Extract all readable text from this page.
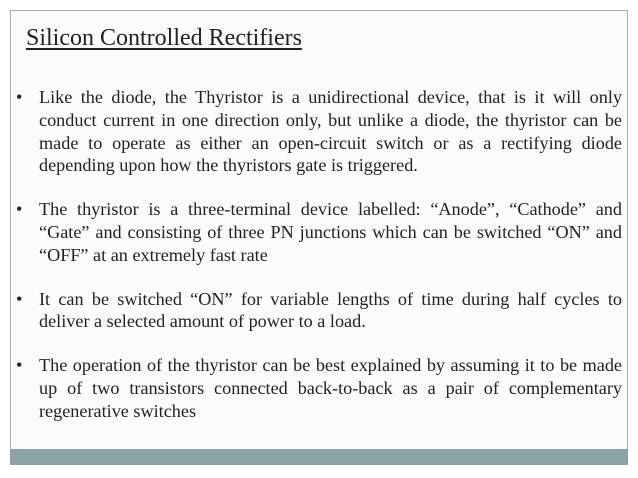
Silicon Controlled Rectifiers
• Like the diode, the Thyristor is a unidirectional device, that is it will only conduct current in one direction only, but unlike a diode, the thyristor can be made to operate as either an open-circuit switch or as a rectifying diode depending upon how the thyristors gate is triggered.
• The thyristor is a three-terminal device labelled: “Anode”, “Cathode” and “Gate” and consisting of three PN junctions which can be switched “ON” and “OFF” at an extremely fast rate
• It can be switched “ON” for variable lengths of time during half cycles to deliver a selected amount of power to a load.
• The operation of the thyristor can be best explained by assuming it to be made up of two transistors connected back-to-back as a pair of complementary regenerative switches
